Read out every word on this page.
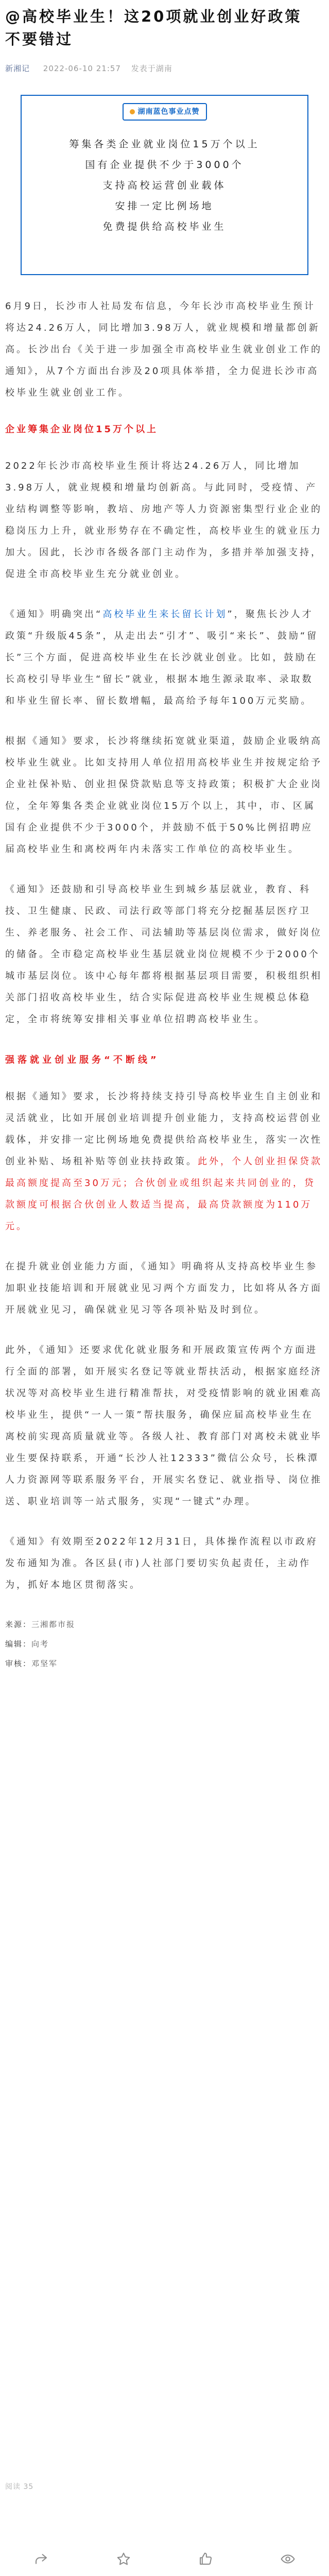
@高校毕业生！这20项就业创业好政策不要错过
新湘记 2022-06-10 21:57 发表于湖南
湖南蓝色事业点赞
筹集各类企业就业岗位15万个以上
国有企业提供不少于3000个
支持高校运营创业载体
安排一定比例场地
免费提供给高校毕业生

6月9日，长沙市人社局发布信息，今年长沙市高校毕业生预计将达24.26万人，同比增加3.98万人，就业规模和增量都创新高。长沙出台《关于进一步加强全市高校毕业生就业创业工作的通知》，从7个方面出台涉及20项具体举措，全力促进长沙市高校毕业生就业创业工作。

企业筹集企业岗位15万个以上

2022年长沙市高校毕业生预计将达24.26万人，同比增加3.98万人，就业规模和增量均创新高。与此同时，受疫情、产业结构调整等影响，教培、房地产等人力资源密集型行业企业的稳岗压力上升，就业形势存在不确定性，高校毕业生的就业压力加大。因此，长沙市各级各部门主动作为，多措并举加强支持，促进全市高校毕业生充分就业创业。

《通知》明确突出“高校毕业生来长留长计划”，聚焦长沙人才政策“升级版45条”，从走出去“引才”、吸引“来长”、鼓励“留长”三个方面，促进高校毕业生在长沙就业创业。比如，鼓励在长高校引导毕业生“留长”就业，根据本地生源录取率、录取数和毕业生留长率、留长数增幅，最高给予每年100万元奖励。

根据《通知》要求，长沙将继续拓宽就业渠道，鼓励企业吸纳高校毕业生就业。比如支持用人单位招用高校毕业生并按规定给予企业社保补贴、创业担保贷款贴息等支持政策；积极扩大企业岗位，全年筹集各类企业就业岗位15万个以上，其中，市、区属国有企业提供不少于3000个，并鼓励不低于50%比例招聘应届高校毕业生和离校两年内未落实工作单位的高校毕业生。

《通知》还鼓励和引导高校毕业生到城乡基层就业，教育、科技、卫生健康、民政、司法行政等部门将充分挖掘基层医疗卫生、养老服务、社会工作、司法辅助等基层岗位需求，做好岗位的储备。全市稳定高校毕业生基层就业岗位规模不少于2000个城市基层岗位。该中心每年都将根据基层项目需要，积极组织相关部门招收高校毕业生，结合实际促进高校毕业生规模总体稳定，全市将统筹安排相关事业单位招聘高校毕业生。

强落就业创业服务“不断线”

根据《通知》要求，长沙将持续支持引导高校毕业生自主创业和灵活就业，比如开展创业培训提升创业能力，支持高校运营创业载体，并安排一定比例场地免费提供给高校毕业生，落实一次性创业补贴、场租补贴等创业扶持政策。此外，个人创业担保贷款最高额度提高至30万元；合伙创业或组织起来共同创业的，贷款额度可根据合伙创业人数适当提高，最高贷款额度为110万元。

在提升就业创业能力方面，《通知》明确将从支持高校毕业生参加职业技能培训和开展就业见习两个方面发力，比如将从各方面开展就业见习，确保就业见习等各项补贴及时到位。

此外，《通知》还要求优化就业服务和开展政策宣传两个方面进行全面的部署，如开展实名登记等就业帮扶活动，根据家庭经济状况等对高校毕业生进行精准帮扶，对受疫情影响的就业困难高校毕业生，提供“一人一策”帮扶服务，确保应届高校毕业生在离校前实现高质量就业等。各级人社、教育部门对离校未就业毕业生要保持联系，开通“长沙人社12333”微信公众号，长株潭人力资源网等联系服务平台，开展实名登记、就业指导、岗位推送、职业培训等一站式服务，实现“一键式”办理。

《通知》有效期至2022年12月31日，具体操作流程以市政府发布通知为准。各区县(市)人社部门要切实负起责任，主动作为，抓好本地区贯彻落实。

来源：三湘都市报

编辑：向考

审核：邓坚军

阅读 35
